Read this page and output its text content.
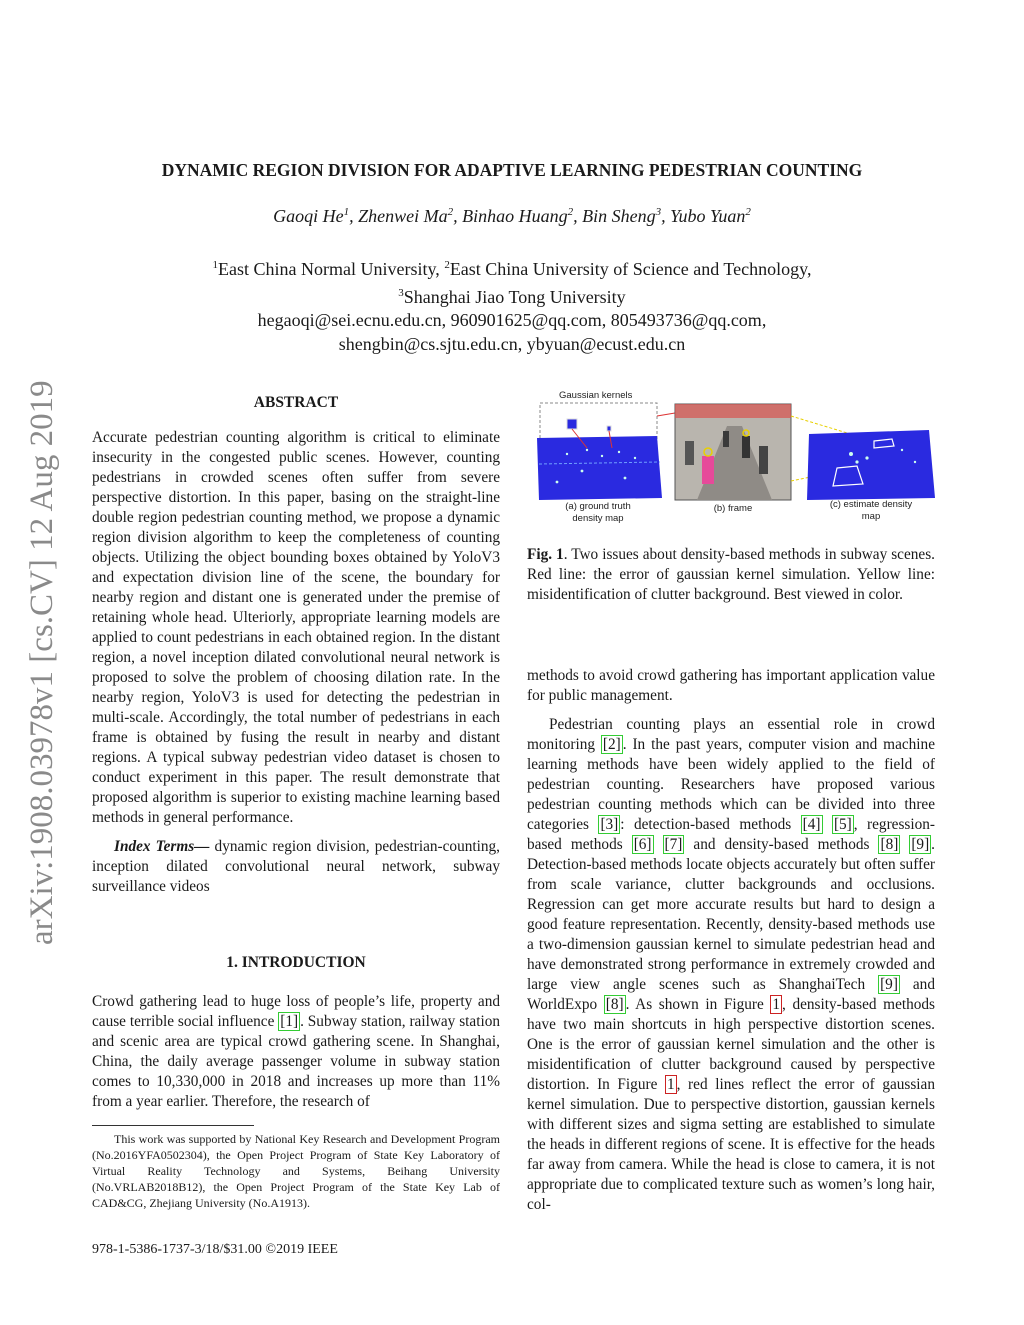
arXiv:1908.03978v1 [cs.CV] 12 Aug 2019
DYNAMIC REGION DIVISION FOR ADAPTIVE LEARNING PEDESTRIAN COUNTING
Gaoqi He$^1$, Zhenwei Ma$^2$, Binhao Huang$^2$, Bin Sheng$^3$, Yubo Yuan$^2$
$^1$East China Normal University, $^2$East China University of Science and Technology,
$^3$Shanghai Jiao Tong University
hegaoqi@sei.ecnu.edu.cn, 960901625@qq.com, 805493736@qq.com,
shengbin@cs.sjtu.edu.cn, ybyuan@ecust.edu.cn
ABSTRACT

Accurate pedestrian counting algorithm is critical to eliminate insecurity in the congested public scenes. However, counting pedestrians in crowded scenes often suffer from severe perspective distortion. In this paper, basing on the straight-line double region pedestrian counting method, we propose a dynamic region division algorithm to keep the completeness of counting objects. Utilizing the object bounding boxes obtained by YoloV3 and expectation division line of the scene, the boundary for nearby region and distant one is generated under the premise of retaining whole head. Ulteriorly, appropriate learning models are applied to count pedestrians in each obtained region. In the distant region, a novel inception dilated convolutional neural network is proposed to solve the problem of choosing dilation rate. In the nearby region, YoloV3 is used for detecting the pedestrian in multi-scale. Accordingly, the total number of pedestrians in each frame is obtained by fusing the result in nearby and distant regions. A typical subway pedestrian video dataset is chosen to conduct experiment in this paper. The result demonstrate that proposed algorithm is superior to existing machine learning based methods in general performance.

Index Terms— dynamic region division, pedestrian-counting, inception dilated convolutional neural network, subway surveillance videos

1. INTRODUCTION

Crowd gathering lead to huge loss of people’s life, property and cause terrible social influence [1] . Subway station, railway station and scenic area are typical crowd gathering scene. In Shanghai, China, the daily average passenger volume in subway station comes to 10,330,000 in 2018 and increases up more than 11% from a year earlier. Therefore, the research of

This work was supported by National Key Research and Development Program (No.2016YFA0502304), the Open Project Program of State Key Laboratory of Virtual Reality Technology and Systems, Beihang University (No.VRLAB2018B12), the Open Project Program of the State Key Lab of CAD&CG, Zhejiang University (No.A1913).

978-1-5386-1737-3/18/$31.00 ©2019 IEEE
Gaussian kernels
(a) ground truth
density map
(b) frame	(c) estimate density
map

Fig. 1. Two issues about density-based methods in subway scenes. Red line: the error of gaussian kernel simulation. Yellow line: misidentification of clutter background. Best viewed in color.

methods to avoid crowd gathering has important application value for public management.

Pedestrian counting plays an essential role in crowd monitoring [2] . In the past years, computer vision and machine learning methods have been widely applied to the field of pedestrian counting. Researchers have proposed various pedestrian counting methods which can be divided into three categories [3] : detection-based methods [4] [5] , regression-based methods [6] [7] and density-based methods [8] [9] . Detection-based methods locate objects accurately but often suffer from scale variance, clutter backgrounds and occlusions. Regression can get more accurate results but hard to design a good feature representation. Recently, density-based methods use a two-dimension gaussian kernel to simulate pedestrian head and have demonstrated strong performance in extremely crowded and large view angle scenes such as ShanghaiTech [9] and WorldExpo [8] . As shown in Figure 1 , density-based methods have two main shortcuts in high perspective distortion scenes. One is the error of gaussian kernel simulation and the other is misidentification of clutter background caused by perspective distortion. In Figure 1 , red lines reflect the error of gaussian kernel simulation. Due to perspective distortion, gaussian kernels with different sizes and sigma setting are established to simulate the heads in different regions of scene. It is effective for the heads far away from camera. While the head is close to camera, it is not appropriate due to complicated texture such as women’s long hair, col-
